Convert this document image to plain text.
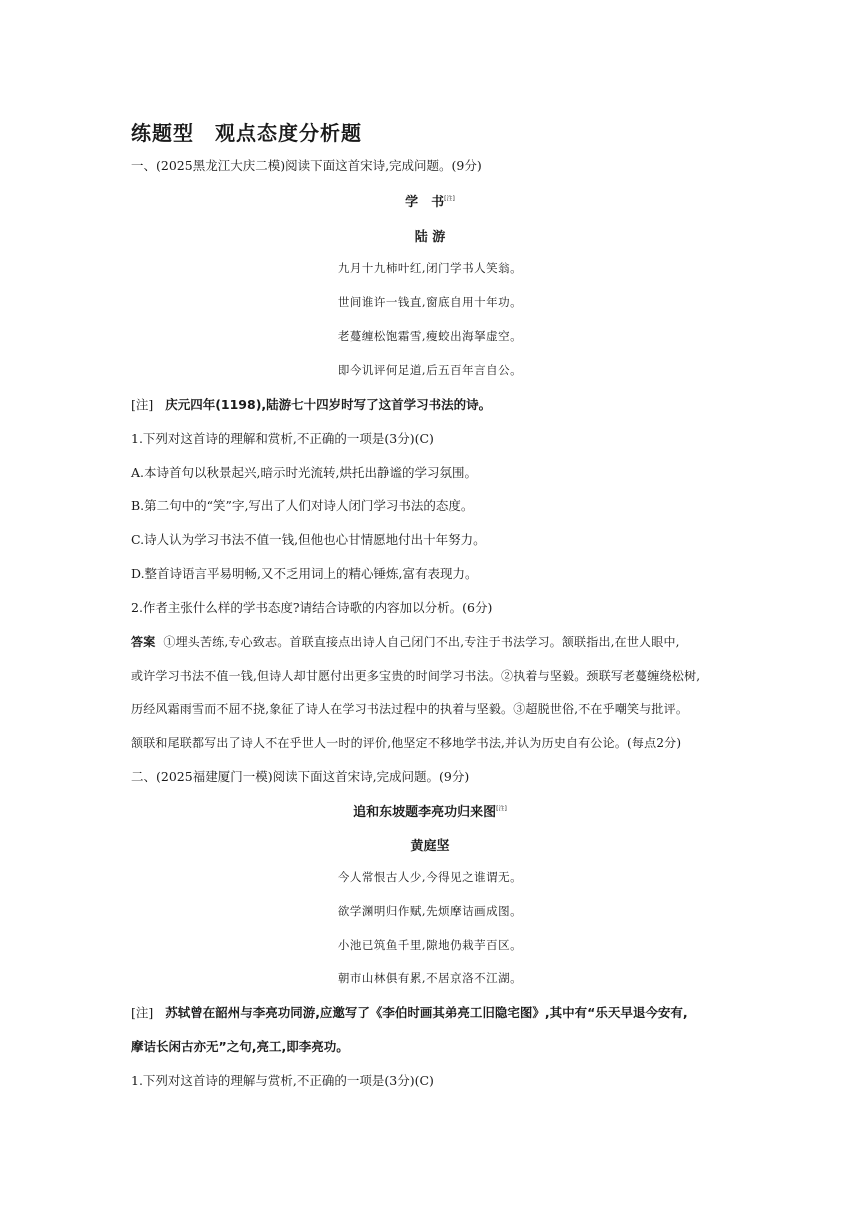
练题型　观点态度分析题
一、(2025黑龙江大庆二模)阅读下面这首宋诗,完成问题。(9分)
学　书[注]
陆 游
九月十九柿叶红,闭门学书人笑翁。
世间谁许一钱直,窗底自用十年功。
老蔓缠松饱霜雪,瘦蛟出海拏虚空。
即今讥评何足道,后五百年言自公。
[注] 庆元四年(1198),陆游七十四岁时写了这首学习书法的诗。
1.下列对这首诗的理解和赏析,不正确的一项是(3分)(C)
A.本诗首句以秋景起兴,暗示时光流转,烘托出静谧的学习氛围。
B.第二句中的“笑”字,写出了人们对诗人闭门学习书法的态度。
C.诗人认为学习书法不值一钱,但他也心甘情愿地付出十年努力。
D.整首诗语言平易明畅,又不乏用词上的精心锤炼,富有表现力。
2.作者主张什么样的学书态度?请结合诗歌的内容加以分析。(6分)
答案 ①埋头苦练,专心致志。首联直接点出诗人自己闭门不出,专注于书法学习。颔联指出,在世人眼中,
或许学习书法不值一钱,但诗人却甘愿付出更多宝贵的时间学习书法。②执着与坚毅。颈联写老蔓缠绕松树,
历经风霜雨雪而不屈不挠,象征了诗人在学习书法过程中的执着与坚毅。③超脱世俗,不在乎嘲笑与批评。
颔联和尾联都写出了诗人不在乎世人一时的评价,他坚定不移地学书法,并认为历史自有公论。(每点2分)
二、(2025福建厦门一模)阅读下面这首宋诗,完成问题。(9分)
追和东坡题李亮功归来图[注]
黄庭坚
今人常恨古人少,今得见之谁谓无。
欲学渊明归作赋,先烦摩诘画成图。
小池已筑鱼千里,隙地仍栽芋百区。
朝市山林俱有累,不居京洛不江湖。
[注] 苏轼曾在韶州与李亮功同游,应邀写了《李伯时画其弟亮工旧隐宅图》,其中有“乐天早退今安有,
摩诘长闲古亦无”之句,亮工,即李亮功。
1.下列对这首诗的理解与赏析,不正确的一项是(3分)(C)
